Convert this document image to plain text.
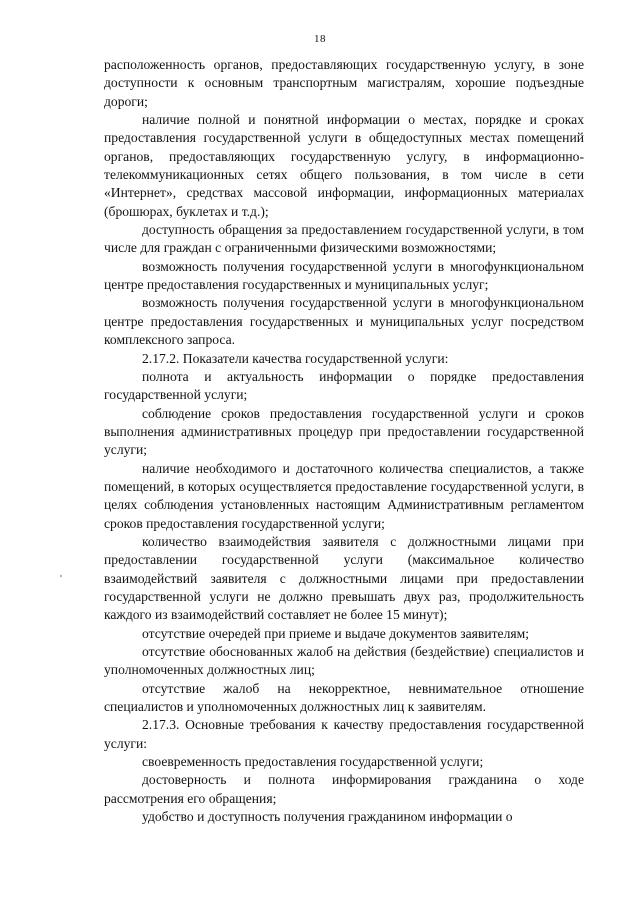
18

расположенность органов, предоставляющих государственную услугу, в зоне доступности к основным транспортным магистралям, хорошие подъездные дороги;

наличие полной и понятной информации о местах, порядке и сроках предоставления государственной услуги в общедоступных местах помещений органов, предоставляющих государственную услугу, в информационно-телекоммуникационных сетях общего пользования, в том числе в сети «Интернет», средствах массовой информации, информационных материалах (брошюрах, буклетах и т.д.);

доступность обращения за предоставлением государственной услуги, в том числе для граждан с ограниченными физическими возможностями;

возможность получения государственной услуги в многофункциональном центре предоставления государственных и муниципальных услуг;

возможность получения государственной услуги в многофункциональном центре предоставления государственных и муниципальных услуг посредством комплексного запроса.

2.17.2. Показатели качества государственной услуги:

полнота и актуальность информации о порядке предоставления государственной услуги;

соблюдение сроков предоставления государственной услуги и сроков выполнения административных процедур при предоставлении государственной услуги;

наличие необходимого и достаточного количества специалистов, а также помещений, в которых осуществляется предоставление государственной услуги, в целях соблюдения установленных настоящим Административным регламентом сроков предоставления государственной услуги;

количество взаимодействия заявителя с должностными лицами при предоставлении государственной услуги (максимальное количество взаимодействий заявителя с должностными лицами при предоставлении государственной услуги не должно превышать двух раз, продолжительность каждого из взаимодействий составляет не более 15 минут);

отсутствие очередей при приеме и выдаче документов заявителям;

отсутствие обоснованных жалоб на действия (бездействие) специалистов и уполномоченных должностных лиц;

отсутствие жалоб на некорректное, невнимательное отношение специалистов и уполномоченных должностных лиц к заявителям.

2.17.3. Основные требования к качеству предоставления государственной услуги:

своевременность предоставления государственной услуги;

достоверность и полнота информирования гражданина о ходе рассмотрения его обращения;

удобство и доступность получения гражданином информации о
